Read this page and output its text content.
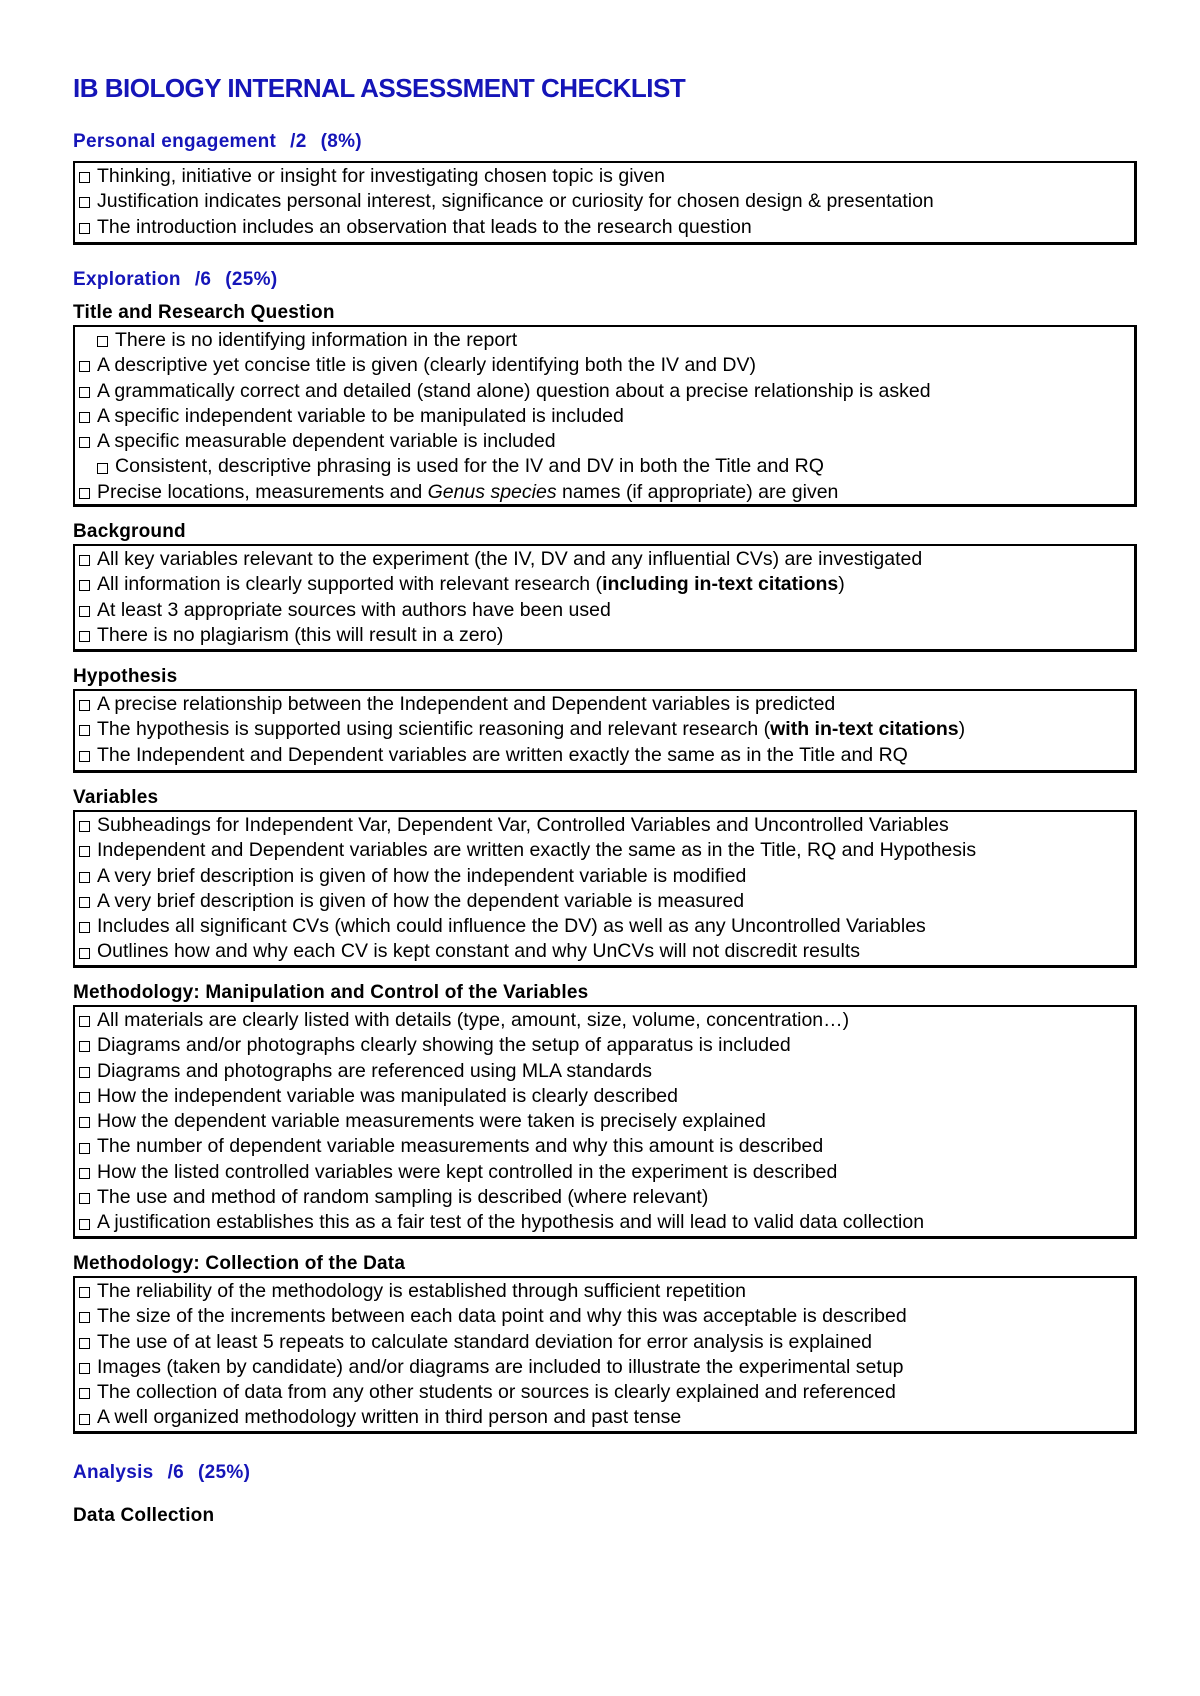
IB BIOLOGY INTERNAL ASSESSMENT CHECKLIST
Personal engagement /2 (8%)
Thinking, initiative or insight for investigating chosen topic is given
Justification indicates personal interest, significance or curiosity for chosen design & presentation
The introduction includes an observation that leads to the research question
Exploration /6 (25%)
Title and Research Question
There is no identifying information in the report
A descriptive yet concise title is given (clearly identifying both the IV and DV)
A grammatically correct and detailed (stand alone) question about a precise relationship is asked
A specific independent variable to be manipulated is included
A specific measurable dependent variable is included
Consistent, descriptive phrasing is used for the IV and DV in both the Title and RQ
Precise locations, measurements and Genus species names (if appropriate) are given
Background
All key variables relevant to the experiment (the IV, DV and any influential CVs) are investigated
All information is clearly supported with relevant research (including in-text citations)
At least 3 appropriate sources with authors have been used
There is no plagiarism (this will result in a zero)
Hypothesis
A precise relationship between the Independent and Dependent variables is predicted
The hypothesis is supported using scientific reasoning and relevant research (with in-text citations)
The Independent and Dependent variables are written exactly the same as in the Title and RQ
Variables
Subheadings for Independent Var, Dependent Var, Controlled Variables and Uncontrolled Variables
Independent and Dependent variables are written exactly the same as in the Title, RQ and Hypothesis
A very brief description is given of how the independent variable is modified
A very brief description is given of how the dependent variable is measured
Includes all significant CVs (which could influence the DV) as well as any Uncontrolled Variables
Outlines how and why each CV is kept constant and why UnCVs will not discredit results
Methodology: Manipulation and Control of the Variables
All materials are clearly listed with details (type, amount, size, volume, concentration…)
Diagrams and/or photographs clearly showing the setup of apparatus is included
Diagrams and photographs are referenced using MLA standards
How the independent variable was manipulated is clearly described
How the dependent variable measurements were taken is precisely explained
The number of dependent variable measurements and why this amount is described
How the listed controlled variables were kept controlled in the experiment is described
The use and method of random sampling is described (where relevant)
A justification establishes this as a fair test of the hypothesis and will lead to valid data collection
Methodology: Collection of the Data
The reliability of the methodology is established through sufficient repetition
The size of the increments between each data point and why this was acceptable is described
The use of at least 5 repeats to calculate standard deviation for error analysis is explained
Images (taken by candidate) and/or diagrams are included to illustrate the experimental setup
The collection of data from any other students or sources is clearly explained and referenced
A well organized methodology written in third person and past tense
Analysis /6 (25%)
Data Collection
